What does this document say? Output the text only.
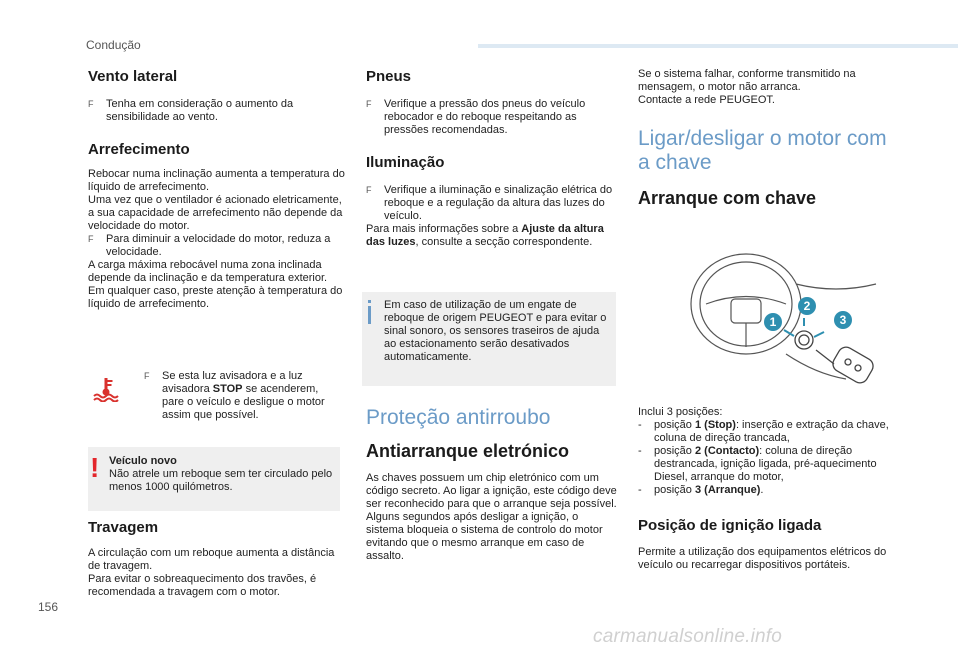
Condução
Vento lateral
F Tenha em consideração o aumento da sensibilidade ao vento.
Arrefecimento

Rebocar numa inclinação aumenta a temperatura do líquido de arrefecimento.

Uma vez que o ventilador é acionado eletricamente, a sua capacidade de arrefecimento não depende da velocidade do motor.

F Para diminuir a velocidade do motor, reduza a velocidade.

A carga máxima rebocável numa zona inclinada depende da inclinação e da temperatura exterior.

Em qualquer caso, preste atenção à temperatura do líquido de arrefecimento.

F Se esta luz avisadora e a luz avisadora STOP se acenderem, pare o veículo e desligue o motor assim que possível.
! Veículo novo
Não atrele um reboque sem ter circulado pelo menos 1000 quilómetros.
Travagem

A circulação com um reboque aumenta a distância de travagem.

Para evitar o sobreaquecimento dos travões, é recomendada a travagem com o motor.

Pneus
F Verifique a pressão dos pneus do veículo rebocador e do reboque respeitando as pressões recomendadas.
Iluminação
F Verifique a iluminação e sinalização elétrica do reboque e a regulação da altura das luzes do veículo.

Para mais informações sobre a Ajuste da altura das luzes, consulte a secção correspondente.

Em caso de utilização de um engate de reboque de origem PEUGEOT e para evitar o sinal sonoro, os sensores traseiros de ajuda ao estacionamento serão desativados automaticamente.
Proteção antirroubo
Antiarranque eletrónico

As chaves possuem um chip eletrónico com um código secreto. Ao ligar a ignição, este código deve ser reconhecido para que o arranque seja possível.

Alguns segundos após desligar a ignição, o sistema bloqueia o sistema de controlo do motor evitando que o mesmo arranque em caso de assalto.

Se o sistema falhar, conforme transmitido na mensagem, o motor não arranca.

Contacte a rede PEUGEOT.

Ligar/desligar o motor com a chave
Arranque com chave
1
2
3

Inclui 3 posições:

- posição 1 (Stop): inserção e extração da chave, coluna de direção trancada,
- posição 2 (Contacto): coluna de direção destrancada, ignição ligada, pré-aquecimento Diesel, arranque do motor,
- posição 3 (Arranque).
Posição de ignição ligada

Permite a utilização dos equipamentos elétricos do veículo ou recarregar dispositivos portáteis.

156
carmanualsonline.info
